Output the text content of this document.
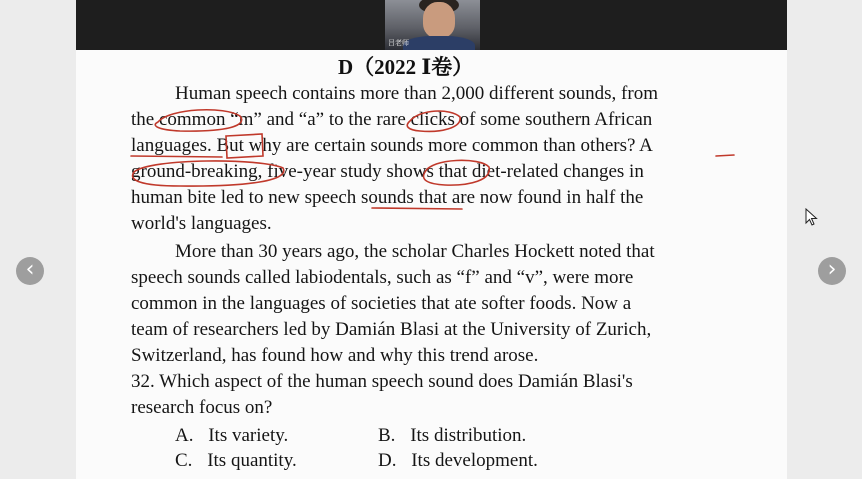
吕老师
D（2022 Ⅰ卷）
Human speech contains more than 2,000 different sounds, from
the common “m” and “a” to the rare clicks of some southern African
languages. But why are certain sounds more common than others? A
ground-breaking, five-year study shows that diet-related changes in
human bite led to new speech sounds that are now found in half the
world's languages.
More than 30 years ago, the scholar Charles Hockett noted that
speech sounds called labiodentals, such as “f” and “v”, were more
common in the languages of societies that ate softer foods. Now a
team of researchers led by Damián Blasi at the University of Zurich,
Switzerland, has found how and why this trend arose.
32. Which aspect of the human speech sound does Damián Blasi's
research focus on?
A. Its variety.	B. Its distribution.
C. Its quantity.	D. Its development.
‹	›
